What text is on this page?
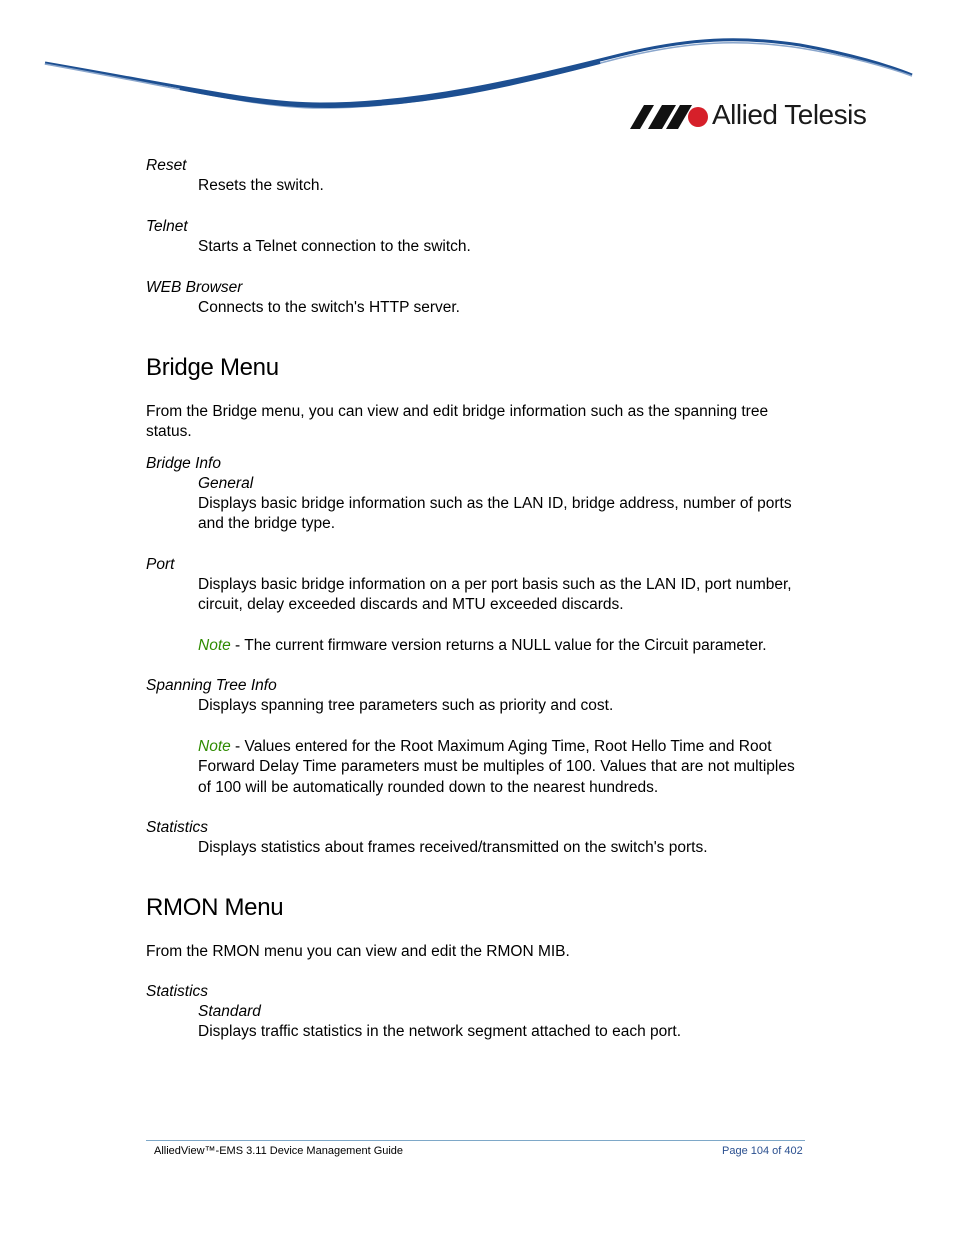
Allied Telesis

Reset

Resets the switch.

Telnet

Starts a Telnet connection to the switch.

WEB Browser

Connects to the switch's HTTP server.

Bridge Menu

From the Bridge menu, you can view and edit bridge information such as the spanning tree status.

Bridge Info

General

Displays basic bridge information such as the LAN ID, bridge address, number of ports and the bridge type.

Port

Displays basic bridge information on a per port basis such as the LAN ID, port number, circuit, delay exceeded discards and MTU exceeded discards.

Note - The current firmware version returns a NULL value for the Circuit parameter.

Spanning Tree Info

Displays spanning tree parameters such as priority and cost.

Note - Values entered for the Root Maximum Aging Time, Root Hello Time and Root Forward Delay Time parameters must be multiples of 100. Values that are not multiples of 100 will be automatically rounded down to the nearest hundreds.

Statistics

Displays statistics about frames received/transmitted on the switch's ports.

RMON Menu

From the RMON menu you can view and edit the RMON MIB.

Statistics

Standard

Displays traffic statistics in the network segment attached to each port.

AlliedView™-EMS 3.11 Device Management Guide	Page 104 of 402
